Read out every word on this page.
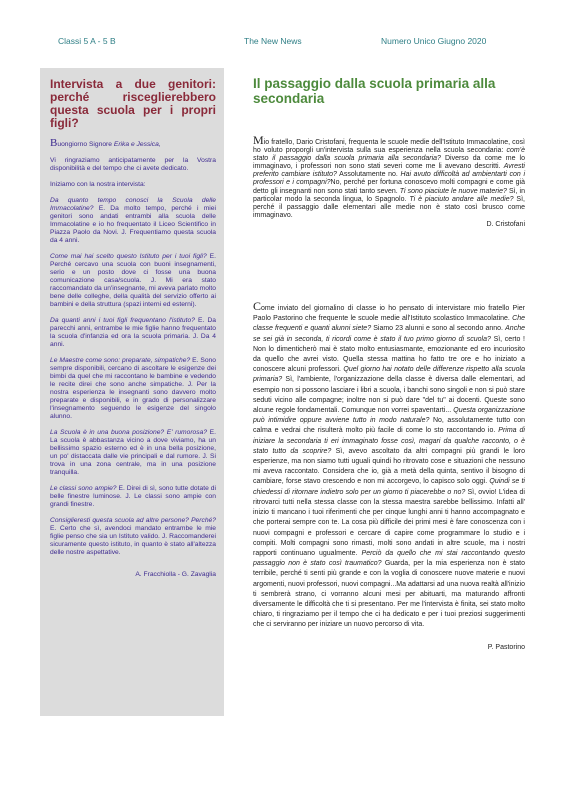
Classi 5 A - 5 B	The New News	Numero Unico Giugno 2020
Intervista a due genitori: perché risceglierebbero questa scuola per i propri figli?

Buongiorno Signore Erika e Jessica,

Vi ringraziamo anticipatamente per la Vostra disponibilità e del tempo che ci avete dedicato.

Iniziamo con la nostra intervista:

Da quanto tempo conosci la Scuola delle Immacolatine? E. Da molto tempo, perché i miei genitori sono andati entrambi alla scuola delle Immacolatine e io ho frequentato il Liceo Scientifico in Piazza Paolo da Novi. J. Frequentiamo questa scuola da 4 anni.

Come mai hai scelto questo Istituto per i tuoi figli? E. Perché cercavo una scuola con buoni insegnamenti, serio e un posto dove ci fosse una buona comunicazione casa/scuola. J. Mi era stato raccomandato da un'insegnante, mi aveva parlato molto bene delle colleghe, della qualità del servizio offerto ai bambini e della struttura (spazi interni ed esterni).

Da quanti anni i tuoi figli frequentano l'istituto? E. Da parecchi anni, entrambe le mie figlie hanno frequentato la scuola d'infanzia ed ora la scuola primaria. J. Da 4 anni.

Le Maestre come sono: preparate, simpatiche? E. Sono sempre disponibili, cercano di ascoltare le esigenze dei bimbi da quel che mi raccontano le bambine e vedendo le recite direi che sono anche simpatiche. J. Per la nostra esperienza le insegnanti sono davvero molto preparate e disponibili, e in grado di personalizzare l'insegnamento seguendo le esigenze del singolo alunno.

La Scuola è in una buona posizione? E' rumorosa? E. La scuola è abbastanza vicino a dove viviamo, ha un bellissimo spazio esterno ed è in una bella posizione, un po' distaccata dalle vie principali e dal rumore. J. Si trova in una zona centrale, ma in una posizione tranquilla.

Le classi sono ampie? E. Direi di sì, sono tutte dotate di belle finestre luminose. J. Le classi sono ampie con grandi finestre.

Consiglieresti questa scuola ad altre persone? Perché? E. Certo che sì, avendoci mandato entrambe le mie figlie penso che sia un Istituto valido. J. Raccomanderei sicuramente questo istituto, in quanto è stato all'altezza delle nostre aspettative.

A. Fracchiolla - G. Zavaglia

Il passaggio dalla scuola primaria alla secondaria

Mio fratello, Dario Cristofani, frequenta le scuole medie dell'Istituto Immacolatine, così ho voluto proporgli un'intervista sulla sua esperienza nella scuola secondaria: com'è stato il passaggio dalla scuola primaria alla secondaria? Diverso da come me lo immaginavo, i professori non sono stati severi come me li avevano descritti. Avresti preferito cambiare istituto? Assolutamente no. Hai avuto difficoltà ad ambientarti con i professori e i compagni?No, perché per fortuna conoscevo molti compagni e come già detto gli insegnanti non sono stati tanto seven. Ti sono piaciute le nuove materie? Sì, in particolar modo la seconda lingua, lo Spagnolo. Ti è piaciuto andare alle medie? Sì, perché il passaggio dalle elementari alle medie non è stato così brusco come immaginavo.

D. Cristofani

Come inviato del giornalino di classe io ho pensato di intervistare mio fratello Pier Paolo Pastorino che frequente le scuole medie all'Istituto scolastico Immacolatine. Che classe frequenti e quanti alunni siete? Siamo 23 alunni e sono al secondo anno. Anche se sei già in seconda, ti ricordi come è stato il tuo primo giorno di scuola? Sì, certo ! Non lo dimenticherò mai è stato molto entusiasmante, emozionante ed ero incuriosito da quello che avrei visto. Quella stessa mattina ho fatto tre ore e ho iniziato a conoscere alcuni professori. Quel giorno hai notato delle differenze rispetto alla scuola primaria? Sì, l'ambiente, l'organizzazione della classe è diversa dalle elementari, ad esempio non si possono lasciare i libri a scuola, i banchi sono singoli e non si può stare seduti vicino alle compagne; inoltre non si può dare "del tu" ai docenti. Queste sono alcune regole fondamentali. Comunque non vorrei spaventarti... Questa organizzazione può intimidire oppure avviene tutto in modo naturale? No, assolutamente tutto con calma e vedrai che risulterà molto più facile di come lo sto raccontando io. Prima di iniziare la secondaria ti eri immaginato fosse così, magari da qualche racconto, o è stato tutto da scoprire? Sì, avevo ascoltato da altri compagni più grandi le loro esperienze, ma non siamo tutti uguali quindi ho ritrovato cose e situazioni che nessuno mi aveva raccontato. Considera che io, già a metà della quinta, sentivo il bisogno di cambiare, forse stavo crescendo e non mi accorgevo, lo capisco solo oggi. Quindi se ti chiedessi di ritornare indietro solo per un giorno ti piacerebbe o no? Sì, ovvio! L'idea di ritrovarci tutti nella stessa classe con la stessa maestra sarebbe bellissimo. Infatti all' inizio ti mancano i tuoi riferimenti che per cinque lunghi anni ti hanno accompagnato e che porterai sempre con te. La cosa più difficile dei primi mesi è fare conoscenza con i nuovi compagni e professori e cercare di capire come programmare lo studio e i compiti. Molti compagni sono rimasti, molti sono andati in altre scuole, ma i nostri rapporti continuano ugualmente. Perciò da quello che mi stai raccontando questo passaggio non è stato così traumatico? Guarda, per la mia esperienza non è stato terribile, perché ti senti più grande e con la voglia di conoscere nuove materie e nuovi argomenti, nuovi professori, nuovi compagni...Ma adattarsi ad una nuova realtà all'inizio ti sembrerà strano, ci vorranno alcuni mesi per abituarti, ma maturando affronti diversamente le difficoltà che ti si presentano. Per me l'intervista è finita, sei stato molto chiaro, ti ringraziamo per il tempo che ci ha dedicato e per i tuoi preziosi suggerimenti che ci serviranno per iniziare un nuovo percorso di vita.

P. Pastorino
